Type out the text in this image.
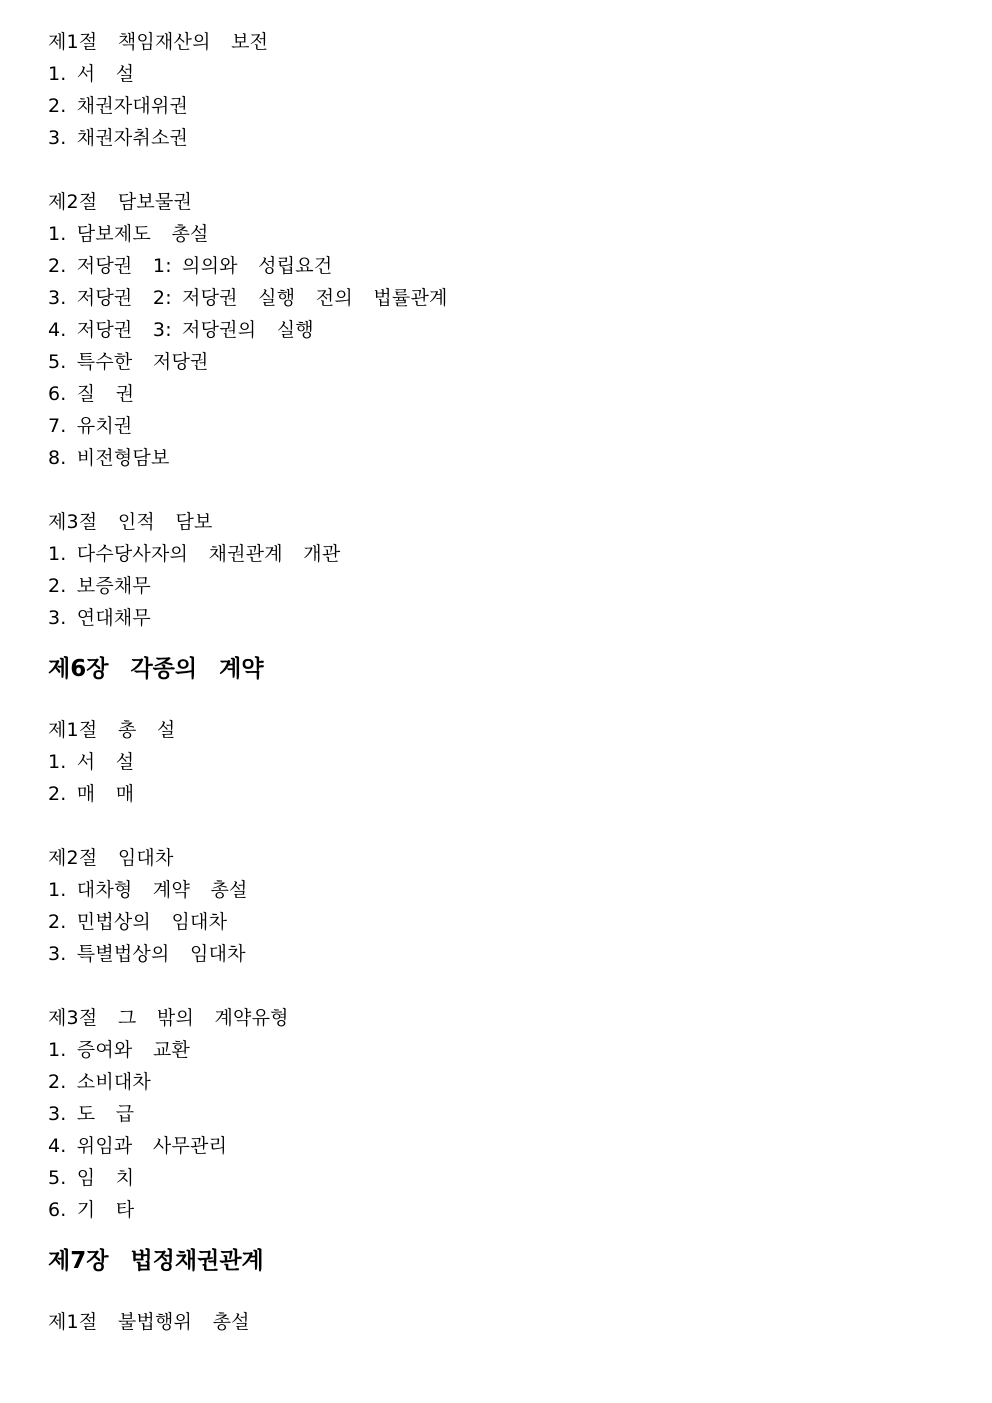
제1절  책임재산의  보전
1. 서  설
2. 채권자대위권
3. 채권자취소권
제2절  담보물권
1. 담보제도  총설
2. 저당권  1: 의의와  성립요건
3. 저당권  2: 저당권  실행  전의  법률관계
4. 저당권  3: 저당권의  실행
5. 특수한  저당권
6. 질  권
7. 유치권
8. 비전형담보
제3절  인적  담보
1. 다수당사자의  채권관계  개관
2. 보증채무
3. 연대채무
제6장  각종의  계약
제1절  총  설
1. 서  설
2. 매  매
제2절  임대차
1. 대차형  계약  총설
2. 민법상의  임대차
3. 특별법상의  임대차
제3절  그  밖의  계약유형
1. 증여와  교환
2. 소비대차
3. 도  급
4. 위임과  사무관리
5. 임  치
6. 기  타
제7장  법정채권관계
제1절  불법행위  총설
